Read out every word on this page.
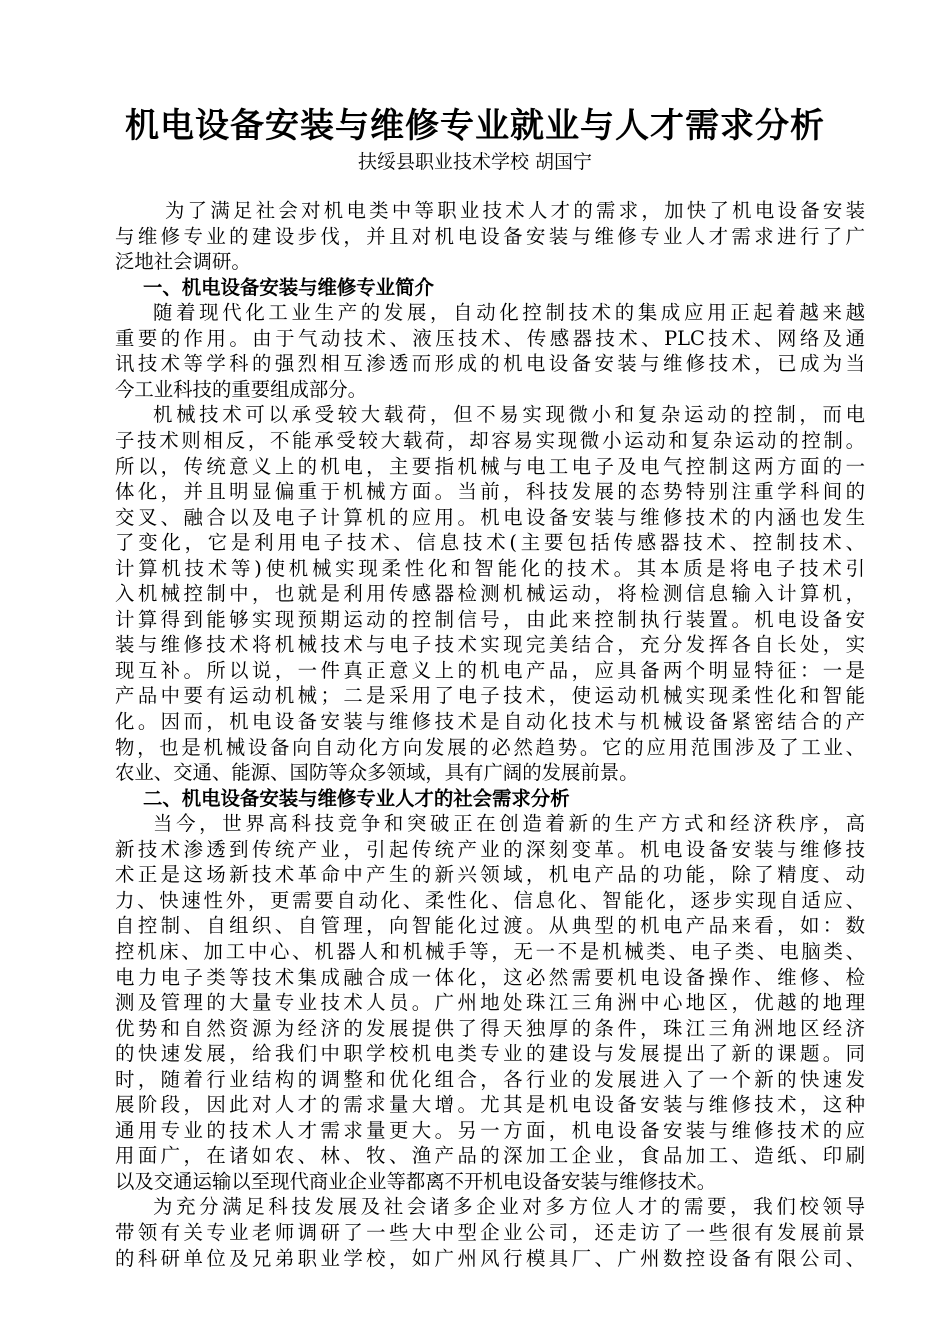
机电设备安装与维修专业就业与人才需求分析
扶绥县职业技术学校 胡国宁
为了满足社会对机电类中等职业技术人才的需求，加快了机电设备安装
与维修专业的建设步伐，并且对机电设备安装与维修专业人才需求进行了广
泛地社会调研。
一、机电设备安装与维修专业简介
随着现代化工业生产的发展，自动化控制技术的集成应用正起着越来越
重要的作用。由于气动技术、液压技术、传感器技术、PLC技术、网络及通
讯技术等学科的强烈相互渗透而形成的机电设备安装与维修技术，已成为当
今工业科技的重要组成部分。
机械技术可以承受较大载荷，但不易实现微小和复杂运动的控制，而电
子技术则相反，不能承受较大载荷，却容易实现微小运动和复杂运动的控制。
所以，传统意义上的机电，主要指机械与电工电子及电气控制这两方面的一
体化，并且明显偏重于机械方面。当前，科技发展的态势特别注重学科间的
交叉、融合以及电子计算机的应用。机电设备安装与维修技术的内涵也发生
了变化，它是利用电子技术、信息技术(主要包括传感器技术、控制技术、
计算机技术等)使机械实现柔性化和智能化的技术。其本质是将电子技术引
入机械控制中，也就是利用传感器检测机械运动，将检测信息输入计算机，
计算得到能够实现预期运动的控制信号，由此来控制执行装置。机电设备安
装与维修技术将机械技术与电子技术实现完美结合，充分发挥各自长处，实
现互补。所以说，一件真正意义上的机电产品，应具备两个明显特征：一是
产品中要有运动机械；二是采用了电子技术，使运动机械实现柔性化和智能
化。因而，机电设备安装与维修技术是自动化技术与机械设备紧密结合的产
物，也是机械设备向自动化方向发展的必然趋势。它的应用范围涉及了工业、
农业、交通、能源、国防等众多领域，具有广阔的发展前景。
二、机电设备安装与维修专业人才的社会需求分析
当今，世界高科技竞争和突破正在创造着新的生产方式和经济秩序，高
新技术渗透到传统产业，引起传统产业的深刻变革。机电设备安装与维修技
术正是这场新技术革命中产生的新兴领域，机电产品的功能，除了精度、动
力、快速性外，更需要自动化、柔性化、信息化、智能化，逐步实现自适应、
自控制、自组织、自管理，向智能化过渡。从典型的机电产品来看，如：数
控机床、加工中心、机器人和机械手等，无一不是机械类、电子类、电脑类、
电力电子类等技术集成融合成一体化，这必然需要机电设备操作、维修、检
测及管理的大量专业技术人员。广州地处珠江三角洲中心地区，优越的地理
优势和自然资源为经济的发展提供了得天独厚的条件，珠江三角洲地区经济
的快速发展，给我们中职学校机电类专业的建设与发展提出了新的课题。同
时，随着行业结构的调整和优化组合，各行业的发展进入了一个新的快速发
展阶段，因此对人才的需求量大增。尤其是机电设备安装与维修技术，这种
通用专业的技术人才需求量更大。另一方面，机电设备安装与维修技术的应
用面广，在诸如农、林、牧、渔产品的深加工企业，食品加工、造纸、印刷
以及交通运输以至现代商业企业等都离不开机电设备安装与维修技术。
为充分满足科技发展及社会诸多企业对多方位人才的需要，我们校领导
带领有关专业老师调研了一些大中型企业公司，还走访了一些很有发展前景
的科研单位及兄弟职业学校，如广州风行模具厂、广州数控设备有限公司、
